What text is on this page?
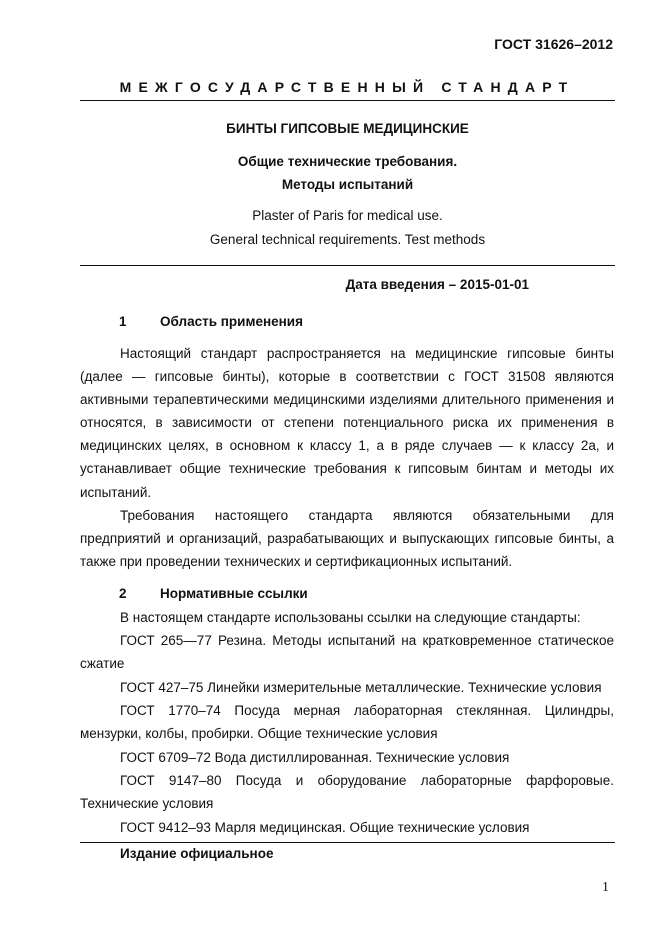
ГОСТ 31626–2012
МЕЖГОСУДАРСТВЕННЫЙ СТАНДАРТ
БИНТЫ ГИПСОВЫЕ МЕДИЦИНСКИЕ
Общие технические требования.
Методы испытаний
Plaster of Paris for medical use.
General technical requirements. Test methods
Дата введения – 2015-01-01
1 Область применения
Настоящий стандарт распространяется на медицинские гипсовые бинты (далее — гипсовые бинты), которые в соответствии с ГОСТ 31508 являются активными терапевтическими медицинскими изделиями длительного применения и относятся, в зависимости от степени потенциального риска их применения в медицинских целях, в основном к классу 1, а в ряде случаев — к классу 2а, и устанавливает общие технические требования к гипсовым бинтам и методы их испытаний.
Требования настоящего стандарта являются обязательными для предприятий и организаций, разрабатывающих и выпускающих гипсовые бинты, а также при проведении технических и сертификационных испытаний.
2 Нормативные ссылки
В настоящем стандарте использованы ссылки на следующие стандарты:
ГОСТ 265—77 Резина. Методы испытаний на кратковременное статическое
сжатие
ГОСТ 427–75 Линейки измерительные металлические. Технические условия
ГОСТ 1770–74 Посуда мерная лабораторная стеклянная. Цилиндры,
мензурки, колбы, пробирки. Общие технические условия
ГОСТ 6709–72 Вода дистиллированная. Технические условия
ГОСТ 9147–80 Посуда и оборудование лабораторные фарфоровые.
Технические условия
ГОСТ 9412–93 Марля медицинская. Общие технические условия
Издание официальное
1
